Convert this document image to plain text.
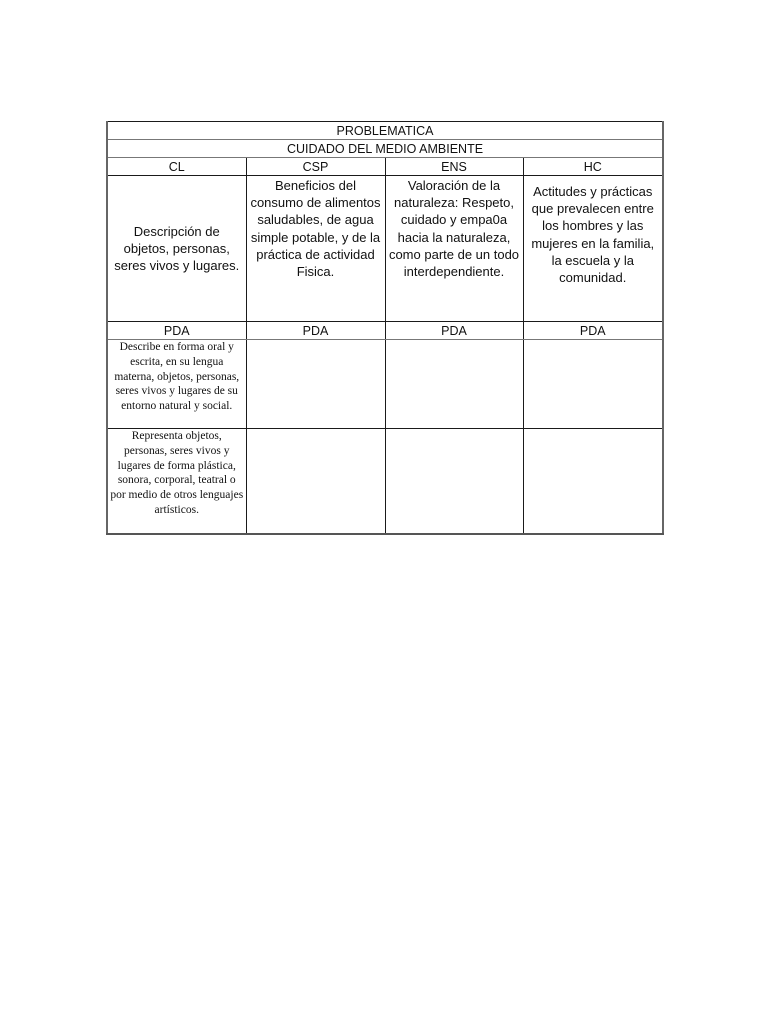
PROBLEMATICA			
CUIDADO DEL MEDIO AMBIENTE			
CL	CSP	ENS	HC
Descripción de objetos, personas, seres vivos y lugares.	Beneficios del consumo de alimentos saludables, de agua simple potable, y de la práctica de actividad Fisica.	Valoración de la naturaleza: Respeto, cuidado y empa0a hacia la naturaleza, como parte de un todo interdependiente.	Actitudes y prácticas que prevalecen entre los hombres y las mujeres en la familia, la escuela y la comunidad.
PDA	PDA	PDA	PDA
Describe en forma oral y escrita, en su lengua materna, objetos, personas, seres vivos y lugares de su entorno natural y social.			
Representa objetos, personas, seres vivos y lugares de forma plástica, sonora, corporal, teatral o por medio de otros lenguajes artísticos.			
